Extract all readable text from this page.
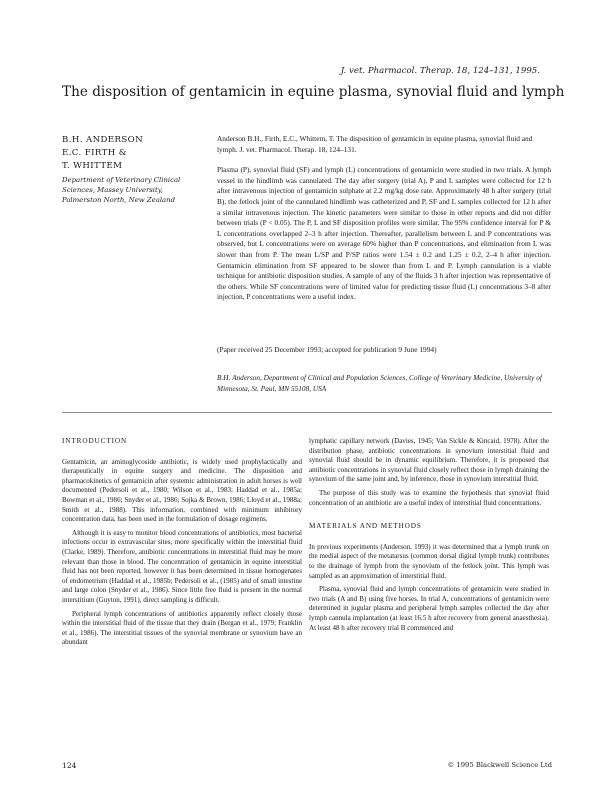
J. vet. Pharmacol. Therap. 18, 124–131, 1995.
The disposition of gentamicin in equine plasma, synovial fluid and lymph
B.H. ANDERSON
E.C. FIRTH &
T. WHITTEM
Department of Veterinary Clinical Sciences, Massey University, Palmerston North, New Zealand

Anderson B.H., Firth, E.C., Whittem, T. The disposition of gentamicin in equine plasma, synovial fluid and lymph. J. vet. Pharmacol. Therap. 18, 124–131.

Plasma (P), synovial fluid (SF) and lymph (L) concentrations of gentamicin were studied in two trials. A lymph vessel in the hindlimb was cannulated. The day after surgery (trial A), P and L samples were collected for 12 h after intravenous injection of gentamicin sulphate at 2.2 mg/kg dose rate. Approximately 48 h after surgery (trial B), the fetlock joint of the cannulated hindlimb was catheterized and P, SF and L samples collected for 12 h after a similar intravenous injection. The kinetic parameters were similar to those in other reports and did not differ between trials (P < 0.05). The P, L and SF disposition profiles were similar. The 95% confidence interval for P & L concentrations overlapped 2–3 h after injection. Thereafter, parallelism between L and P concentrations was observed, but L concentrations were on average 60% higher than P concentrations, and elimination from L was slower than from P. The mean L/SP and P/SP ratios were 1.54 ± 0.2 and 1.25 ± 0.2, 2–4 h after injection. Gentamicin elimination from SF appeared to be slower than from L and P. Lymph cannulation is a viable technique for antibiotic disposition studies. A sample of any of the fluids 3 h after injection was representative of the others. While SF concentrations were of limited value for predicting tissue fluid (L) concentrations 3–8 after injection, P concentrations were a useful index.

(Paper received 25 December 1993; accepted for publication 9 June 1994)
B.H. Anderson, Department of Clinical and Population Sciences, College of Veterinary Medicine, University of Minnesota, St. Paul, MN 55108, USA

INTRODUCTION

Gentamicin, an aminoglycoside antibiotic, is widely used prophylactically and therapeutically in equine surgery and medicine. The disposition and pharmacokinetics of gentamicin after systemic administration in adult horses is well documented (Pedersoli et al., 1980; Wilson et al., 1983; Haddad et al., 1985a; Bowman et al., 1986; Snyder et al., 1986; Sojka & Brown, 1986; Lloyd et al., 1988a; Smith et al., 1988). This information, combined with minimum inhibitory concentration data, has been used in the formulation of dosage regimens.

Although it is easy to monitor blood concentrations of antibiotics, most bacterial infections occur in extravascular sites, more specifically within the interstitial fluid (Clarke, 1989). Therefore, antibiotic concentrations in interstitial fluid may be more relevant than those in blood. The concentration of gentamicin in equine interstitial fluid has not been reported, however it has been determined in tissue homogenates of endometrium (Haddad et al., 1985b; Pedersoli et al., (1985) and of small intestine and large colon (Snyder et al., 1986). Since little free fluid is present in the normal interstitium (Guyton, 1991), direct sampling is difficult.

Peripheral lymph concentrations of antibiotics apparently reflect closely those within the interstitial fluid of the tissue that they drain (Bergan et al., 1979; Franklin et al., 1986). The interstitial tissues of the synovial membrane or synovium have an abundant

lymphatic capillary network (Davies, 1945; Van Sickle & Kincaid, 1978). After the distribution phase, antibiotic concentrations in synovium interstitial fluid and synovial fluid should be in dynamic equilibrium. Therefore, it is proposed that antibiotic concentrations in synovial fluid closely reflect those in lymph draining the synovium of the same joint and, by inference, those in synovium interstitial fluid.

The purpose of this study was to examine the hypothesis that synovial fluid concentration of an antibiotic are a useful index of interstitial fluid concentrations.

MATERIALS AND METHODS

In previous experiments (Anderson, 1993) it was determined that a lymph trunk on the medial aspect of the metatarsus (common dorsal digital lymph trunk) contributes to the drainage of lymph from the synovium of the fetlock joint. This lymph was sampled as an approximation of interstitial fluid.

Plasma, synovial fluid and lymph concentrations of gentamicin were studied in two trials (A and B) using five horses. In trial A, concentrations of gentamicin were determined in jugular plasma and peripheral lymph samples collected the day after lymph cannula implantation (at least 16.5 h after recovery from general anaesthesia). At least 48 h after recovery trial B commenced and

124	© 1995 Blackwell Science Ltd
